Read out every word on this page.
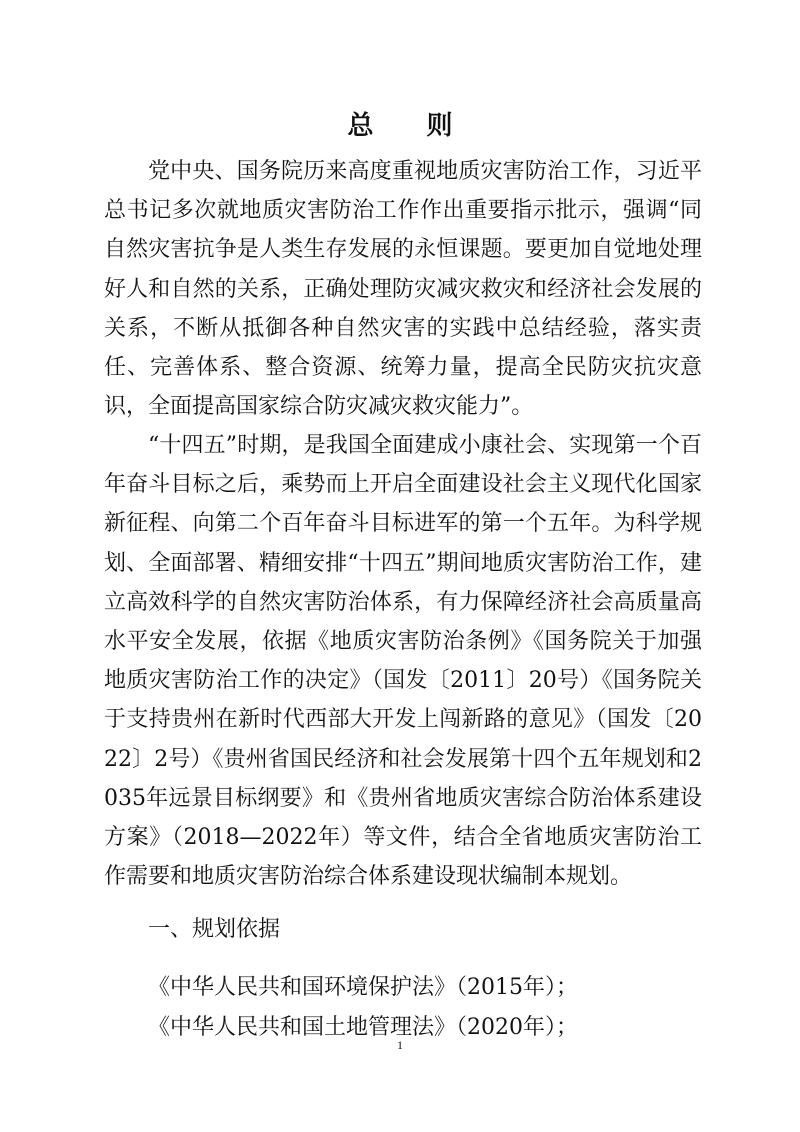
总 则

党中央、国务院历来高度重视地质灾害防治工作，习近平总书记多次就地质灾害防治工作作出重要指示批示，强调“同自然灾害抗争是人类生存发展的永恒课题。要更加自觉地处理好人和自然的关系，正确处理防灾减灾救灾和经济社会发展的关系，不断从抵御各种自然灾害的实践中总结经验，落实责任、完善体系、整合资源、统筹力量，提高全民防灾抗灾意识，全面提高国家综合防灾减灾救灾能力”。

“十四五”时期，是我国全面建成小康社会、实现第一个百年奋斗目标之后，乘势而上开启全面建设社会主义现代化国家新征程、向第二个百年奋斗目标进军的第一个五年。为科学规划、全面部署、精细安排“十四五”期间地质灾害防治工作，建立高效科学的自然灾害防治体系，有力保障经济社会高质量高水平安全发展，依据《地质灾害防治条例》《国务院关于加强地质灾害防治工作的决定》（国发〔2011〕20号）《国务院关于支持贵州在新时代西部大开发上闯新路的意见》（国发〔2022〕2号）《贵州省国民经济和社会发展第十四个五年规划和2035年远景目标纲要》和《贵州省地质灾害综合防治体系建设方案》（2018—2022年）等文件，结合全省地质灾害防治工作需要和地质灾害防治综合体系建设现状编制本规划。

一、规划依据

《中华人民共和国环境保护法》（2015年）；

《中华人民共和国土地管理法》（2020年）；

1
